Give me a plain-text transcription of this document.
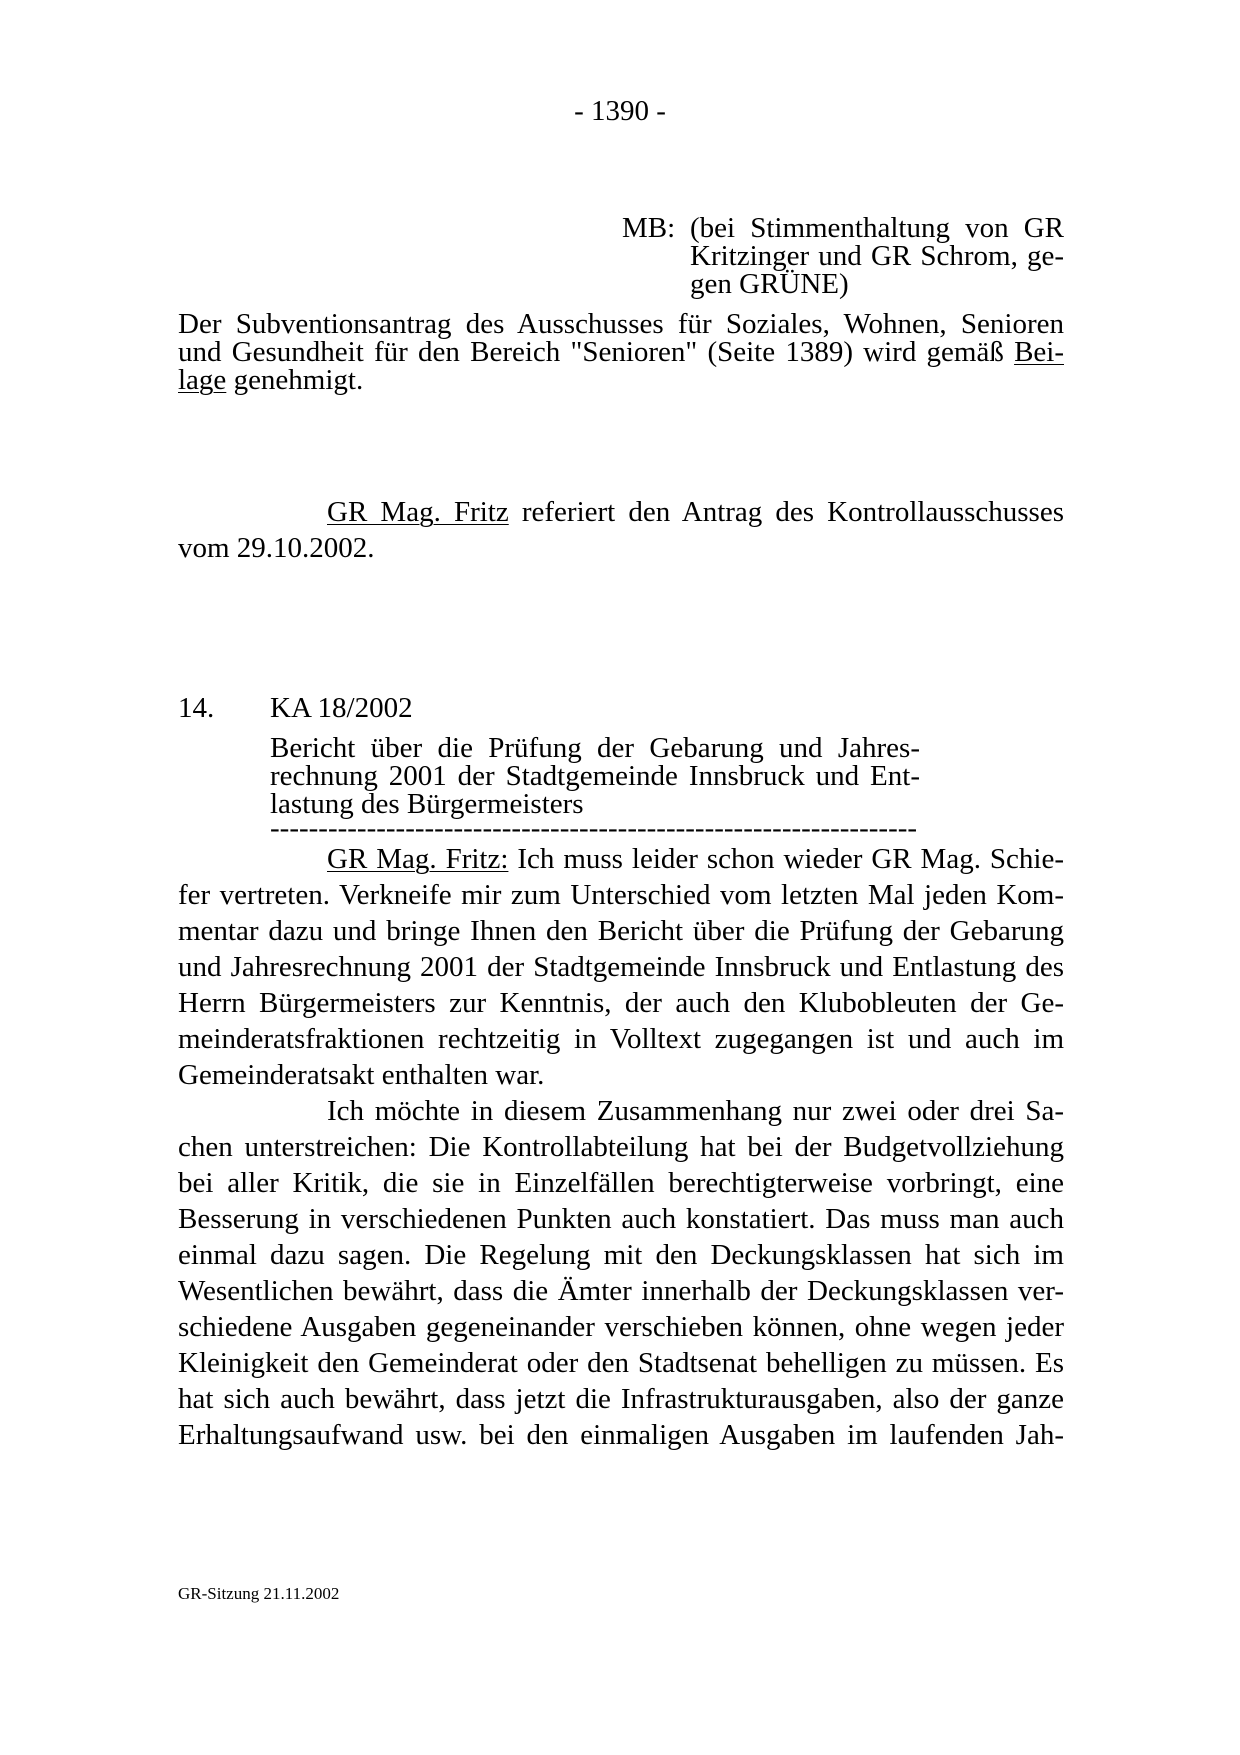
- 1390 -
MB: (bei Stimmenthaltung von GR
Kritzinger und GR Schrom, ge-
gen GRÜNE)
Der Subventionsantrag des Ausschusses für Soziales, Wohnen, Senioren
und Gesundheit für den Bereich "Senioren" (Seite 1389) wird gemäß Bei-
lage genehmigt.
GR Mag. Fritz referiert den Antrag des Kontrollausschusses
vom 29.10.2002.
14. KA 18/2002
Bericht über die Prüfung der Gebarung und Jahres-
rechnung 2001 der Stadtgemeinde Innsbruck und Ent-
lastung des Bürgermeisters
-------------------------------------------------------------------
GR Mag. Fritz: Ich muss leider schon wieder GR Mag. Schie-
fer vertreten. Verkneife mir zum Unterschied vom letzten Mal jeden Kom-
mentar dazu und bringe Ihnen den Bericht über die Prüfung der Gebarung
und Jahresrechnung 2001 der Stadtgemeinde Innsbruck und Entlastung des
Herrn Bürgermeisters zur Kenntnis, der auch den Klubobleuten der Ge-
meinderatsfraktionen rechtzeitig in Volltext zugegangen ist und auch im
Gemeinderatsakt enthalten war.
Ich möchte in diesem Zusammenhang nur zwei oder drei Sa-
chen unterstreichen: Die Kontrollabteilung hat bei der Budgetvollziehung
bei aller Kritik, die sie in Einzelfällen berechtigterweise vorbringt, eine
Besserung in verschiedenen Punkten auch konstatiert. Das muss man auch
einmal dazu sagen. Die Regelung mit den Deckungsklassen hat sich im
Wesentlichen bewährt, dass die Ämter innerhalb der Deckungsklassen ver-
schiedene Ausgaben gegeneinander verschieben können, ohne wegen jeder
Kleinigkeit den Gemeinderat oder den Stadtsenat behelligen zu müssen. Es
hat sich auch bewährt, dass jetzt die Infrastrukturausgaben, also der ganze
Erhaltungsaufwand usw. bei den einmaligen Ausgaben im laufenden Jah-
GR-Sitzung 21.11.2002
